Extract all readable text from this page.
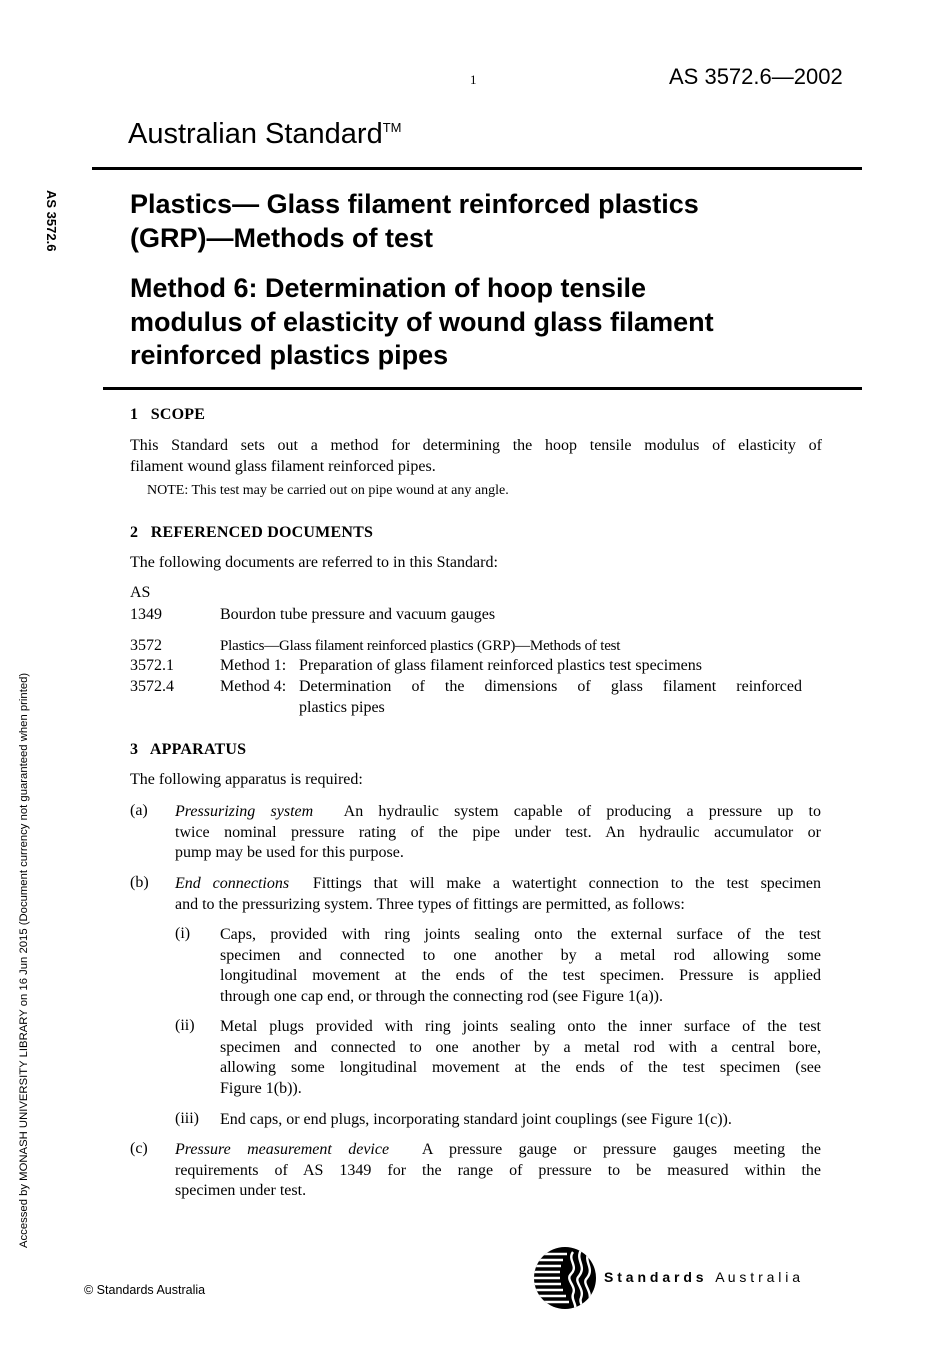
1	AS 3572.6—2002
Australian Standard™
AS 3572.6
Accessed by MONASH UNIVERSITY LIBRARY on 16 Jun 2015 (Document currency not guaranteed when printed)
Plastics— Glass filament reinforced plastics
(GRP)—Methods of test
Method 6: Determination of hoop tensile
modulus of elasticity of wound glass filament
reinforced plastics pipes
1   SCOPE
This Standard sets out a method for determining the hoop tensile modulus of elasticity of
filament wound glass filament reinforced pipes.
NOTE: This test may be carried out on pipe wound at any angle.
2   REFERENCED DOCUMENTS
The following documents are referred to in this Standard:
AS
1349	Bourdon tube pressure and vacuum gauges
3572	Plastics—Glass filament reinforced plastics (GRP)—Methods of test
3572.1	Method 1: Preparation of glass filament reinforced plastics test specimens
3572.4	Method 4: Determination of the dimensions of glass filament reinforced
plastics pipes
3   APPARATUS
The following apparatus is required:
(a) Pressurizing system An hydraulic system capable of producing a pressure up to
twice nominal pressure rating of the pipe under test. An hydraulic accumulator or
pump may be used for this purpose.
(b) End connections Fittings that will make a watertight connection to the test specimen
and to the pressurizing system. Three types of fittings are permitted, as follows:
(i) Caps, provided with ring joints sealing onto the external surface of the test
specimen and connected to one another by a metal rod allowing some
longitudinal movement at the ends of the test specimen. Pressure is applied
through one cap end, or through the connecting rod (see Figure 1(a)).
(ii) Metal plugs provided with ring joints sealing onto the inner surface of the test
specimen and connected to one another by a metal rod with a central bore,
allowing some longitudinal movement at the ends of the test specimen (see
Figure 1(b)).
(iii) End caps, or end plugs, incorporating standard joint couplings (see Figure 1(c)).
(c) Pressure measurement device A pressure gauge or pressure gauges meeting the
requirements of AS 1349 for the range of pressure to be measured within the
specimen under test.
© Standards Australia
S t a n d a r d s A u s t r a l i a
